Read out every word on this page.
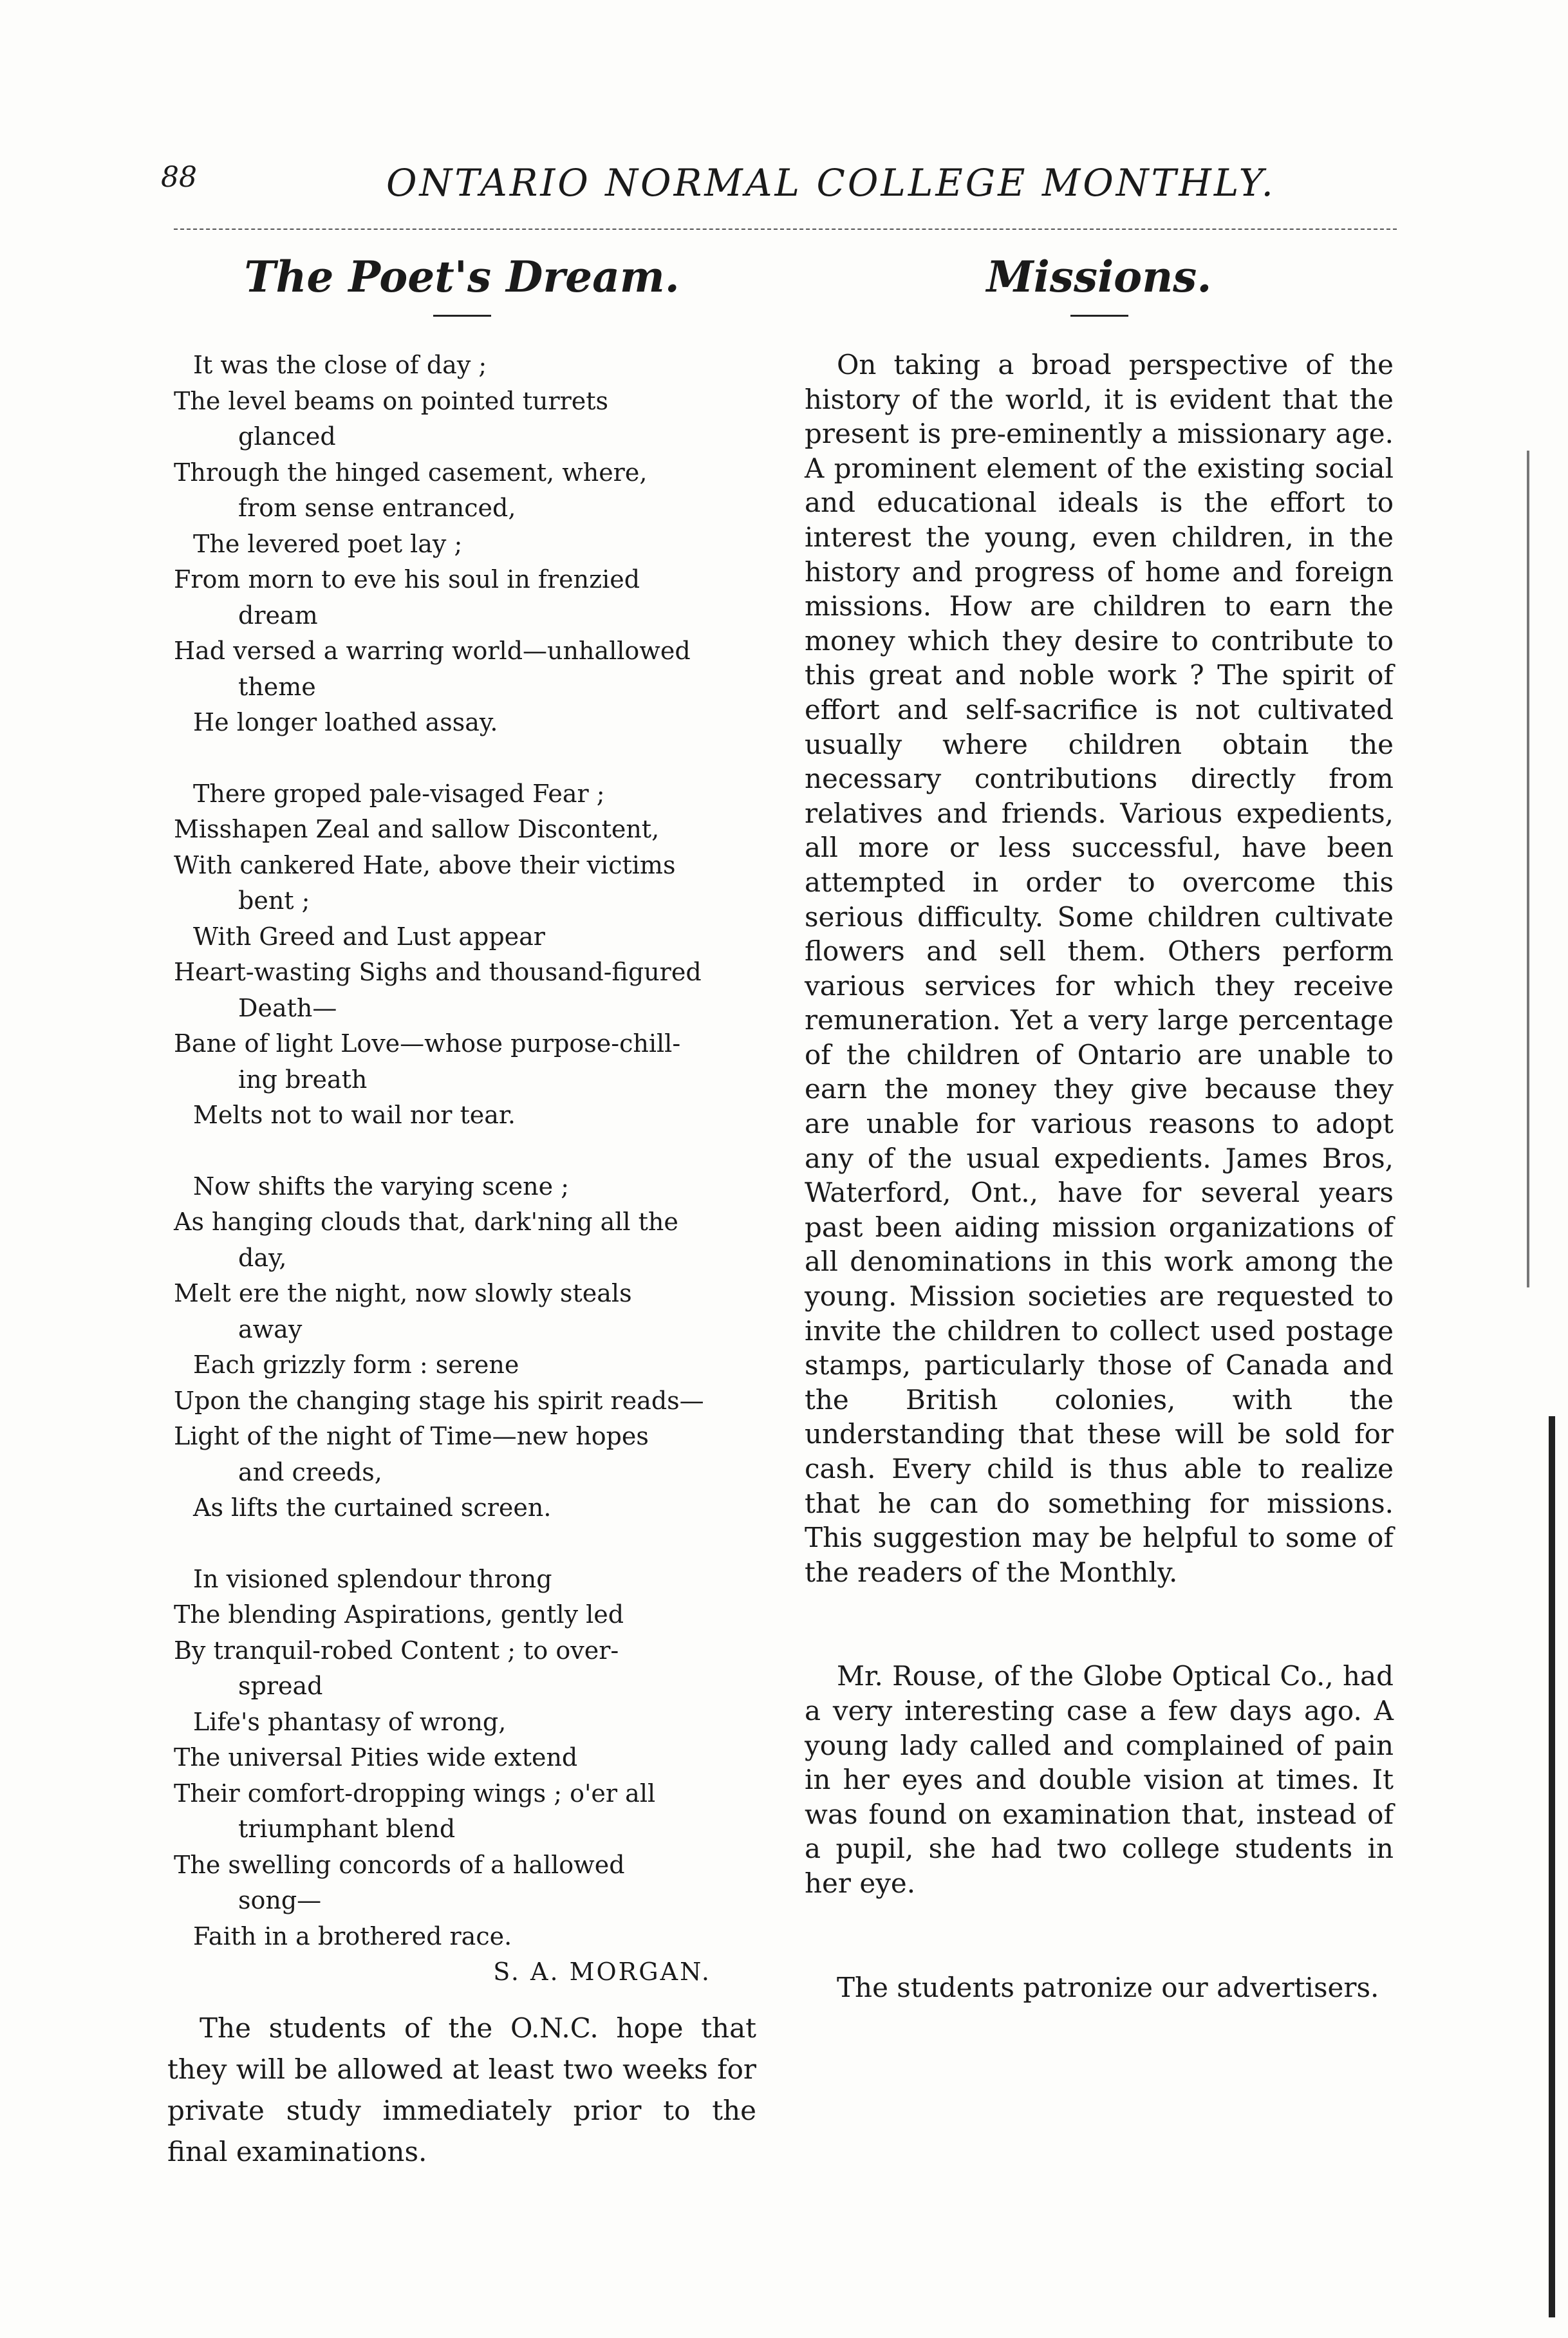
88	ONTARIO NORMAL COLLEGE MONTHLY.
The Poet's Dream.
It was the close of day ;
The level beams on pointed turrets
glanced
Through the hinged casement, where,
from sense entranced,
The levered poet lay ;
From morn to eve his soul in frenzied
dream
Had versed a warring world—unhallowed
theme
He longer loathed assay.
There groped pale-visaged Fear ;
Misshapen Zeal and sallow Discontent,
With cankered Hate, above their victims
bent ;
With Greed and Lust appear
Heart-wasting Sighs and thousand-figured
Death—
Bane of light Love—whose purpose-chill-
ing breath
Melts not to wail nor tear.
Now shifts the varying scene ;
As hanging clouds that, dark'ning all the
day,
Melt ere the night, now slowly steals
away
Each grizzly form : serene
Upon the changing stage his spirit reads—
Light of the night of Time—new hopes
and creeds,
As lifts the curtained screen.
In visioned splendour throng
The blending Aspirations, gently led
By tranquil-robed Content ; to over-
spread
Life's phantasy of wrong,
The universal Pities wide extend
Their comfort-dropping wings ; o'er all
triumphant blend
The swelling concords of a hallowed
song—
Faith in a brothered race.
S. A. MORGAN.

The students of the O.N.C. hope that they will be allowed at least two weeks for private study immediately prior to the final examinations.

Missions.

On taking a broad perspective of the history of the world, it is evident that the present is pre-eminently a missionary age. A prominent element of the existing social and educational ideals is the effort to interest the young, even children, in the history and progress of home and foreign missions. How are children to earn the money which they desire to contribute to this great and noble work ? The spirit of effort and self-sacrifice is not cultivated usually where children obtain the necessary contributions directly from relatives and friends. Various expedients, all more or less successful, have been attempted in order to overcome this serious difficulty. Some children cultivate flowers and sell them. Others perform various services for which they receive remuneration. Yet a very large percentage of the children of Ontario are unable to earn the money they give because they are unable for various reasons to adopt any of the usual expedients. James Bros, Waterford, Ont., have for several years past been aiding mission organizations of all denominations in this work among the young. Mission societies are requested to invite the children to collect used postage stamps, particularly those of Canada and the British colonies, with the understanding that these will be sold for cash. Every child is thus able to realize that he can do something for missions. This suggestion may be helpful to some of the readers of the Monthly.

Mr. Rouse, of the Globe Optical Co., had a very interesting case a few days ago. A young lady called and complained of pain in her eyes and double vision at times. It was found on examination that, instead of a pupil, she had two college students in her eye.

The students patronize our advertisers.
